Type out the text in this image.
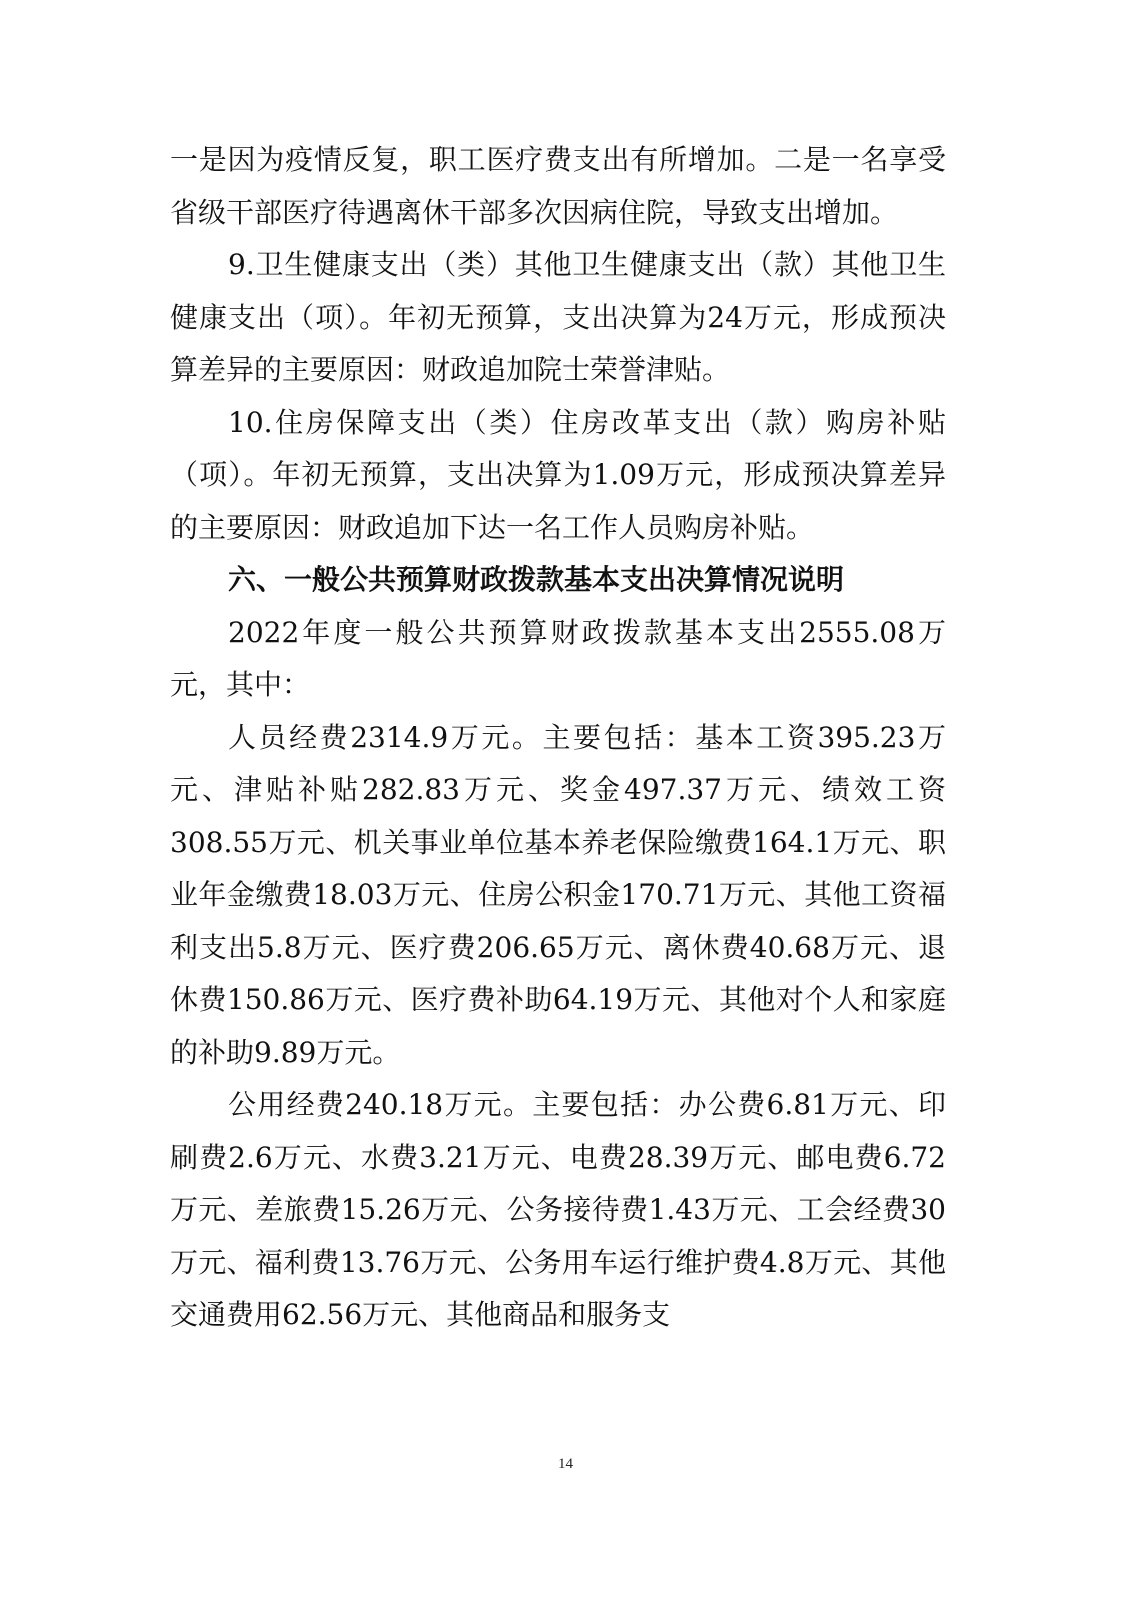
一是因为疫情反复，职工医疗费支出有所增加。二是一名享受省级干部医疗待遇离休干部多次因病住院，导致支出增加。

9.卫生健康支出（类）其他卫生健康支出（款）其他卫生健康支出（项）。年初无预算，支出决算为24万元，形成预决算差异的主要原因：财政追加院士荣誉津贴。

10.住房保障支出（类）住房改革支出（款）购房补贴（项）。年初无预算，支出决算为1.09万元，形成预决算差异的主要原因：财政追加下达一名工作人员购房补贴。

六、一般公共预算财政拨款基本支出决算情况说明

2022年度一般公共预算财政拨款基本支出2555.08万元，其中：

人员经费2314.9万元。主要包括：基本工资395.23万元、津贴补贴282.83万元、奖金497.37万元、绩效工资308.55万元、机关事业单位基本养老保险缴费164.1万元、职业年金缴费18.03万元、住房公积金170.71万元、其他工资福利支出5.8万元、医疗费206.65万元、离休费40.68万元、退休费150.86万元、医疗费补助64.19万元、其他对个人和家庭的补助9.89万元。

公用经费240.18万元。主要包括：办公费6.81万元、印刷费2.6万元、水费3.21万元、电费28.39万元、邮电费6.72万元、差旅费15.26万元、公务接待费1.43万元、工会经费30万元、福利费13.76万元、公务用车运行维护费4.8万元、其他交通费用62.56万元、其他商品和服务支

14
